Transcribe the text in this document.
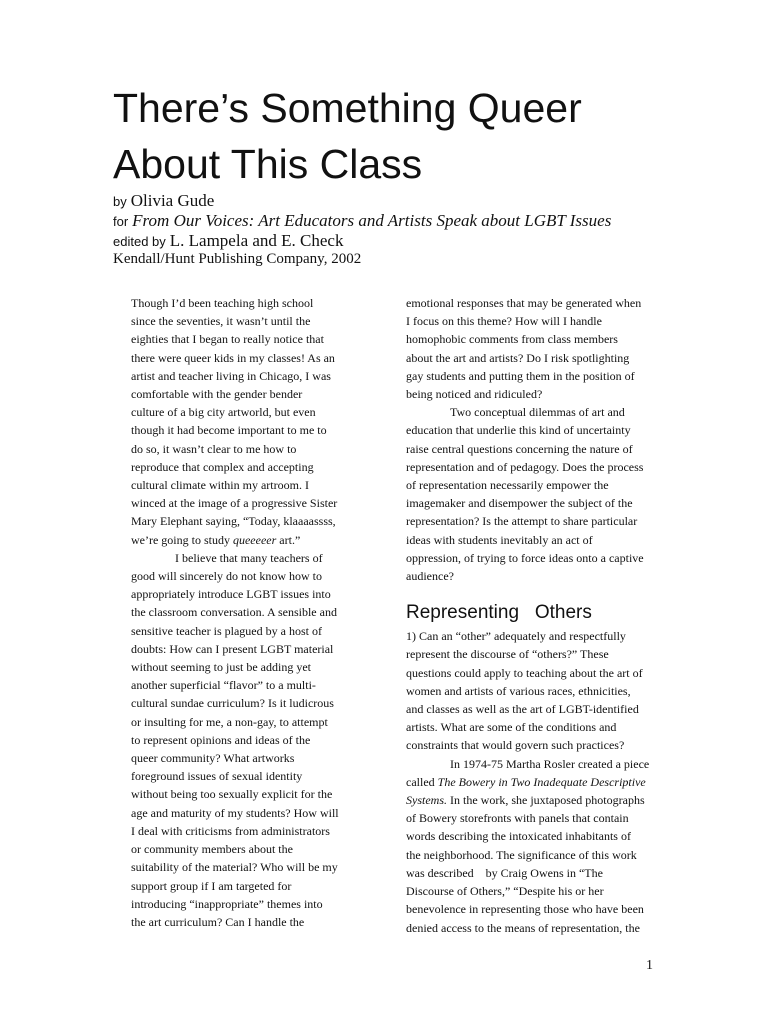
There’s Something Queer
About This Class
by Olivia Gude
for From Our Voices: Art Educators and Artists Speak about LGBT Issues
edited by L. Lampela and E. Check
Kendall/Hunt Publishing Company, 2002

Though I’d been teaching high school
since the seventies, it wasn’t until the
eighties that I began to really notice that
there were queer kids in my classes! As an
artist and teacher living in Chicago, I was
comfortable with the gender bender
culture of a big city artworld, but even
though it had become important to me to
do so, it wasn’t clear to me how to
reproduce that complex and accepting
cultural climate within my artroom. I
winced at the image of a progressive Sister
Mary Elephant saying, “Today, klaaaassss,
we’re going to study queeeeer art.”

I believe that many teachers of
good will sincerely do not know how to
appropriately introduce LGBT issues into
the classroom conversation. A sensible and
sensitive teacher is plagued by a host of
doubts: How can I present LGBT material
without seeming to just be adding yet
another superficial “flavor” to a multi-
cultural sundae curriculum? Is it ludicrous
or insulting for me, a non-gay, to attempt
to represent opinions and ideas of the
queer community? What artworks
foreground issues of sexual identity
without being too sexually explicit for the
age and maturity of my students? How will
I deal with criticisms from administrators
or community members about the
suitability of the material? Who will be my
support group if I am targeted for
introducing “inappropriate” themes into
the art curriculum? Can I handle the

emotional responses that may be generated when
I focus on this theme? How will I handle
homophobic comments from class members
about the art and artists? Do I risk spotlighting
gay students and putting them in the position of
being noticed and ridiculed?

Two conceptual dilemmas of art and
education that underlie this kind of uncertainty
raise central questions concerning the nature of
representation and of pedagogy. Does the process
of representation necessarily empower the
imagemaker and disempower the subject of the
representation? Is the attempt to share particular
ideas with students inevitably an act of
oppression, of trying to force ideas onto a captive
audience?

Representing   Others

1) Can an “other” adequately and respectfully
represent the discourse of “others?” These
questions could apply to teaching about the art of
women and artists of various races, ethnicities,
and classes as well as the art of LGBT-identified
artists. What are some of the conditions and
constraints that would govern such practices?

In 1974-75 Martha Rosler created a piece
called The Bowery in Two Inadequate Descriptive
Systems. In the work, she juxtaposed photographs
of Bowery storefronts with panels that contain
words describing the intoxicated inhabitants of
the neighborhood. The significance of this work
was described    by Craig Owens in “The
Discourse of Others,” “Despite his or her
benevolence in representing those who have been
denied access to the means of representation, the

1
